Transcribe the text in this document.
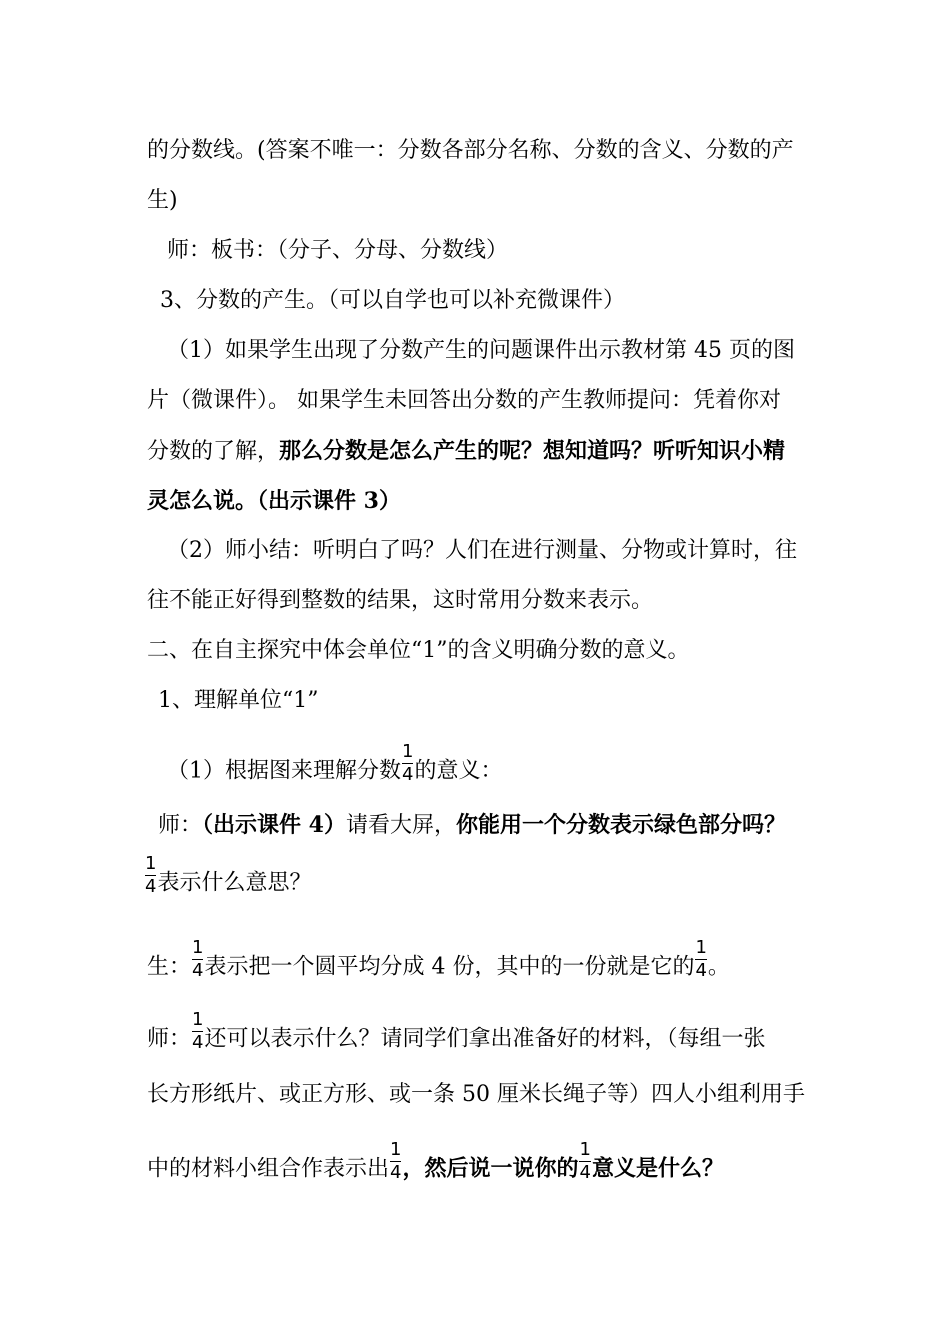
的分数线。(答案不唯一：分数各部分名称、分数的含义、分数的产
生)
师：板书：（分子、分母、分数线）
3、分数的产生。（可以自学也可以补充微课件）
（1）如果学生出现了分数产生的问题课件出示教材第 45 页的图
片（微课件）。 如果学生未回答出分数的产生教师提问：凭着你对
分数的了解，那么分数是怎么产生的呢？想知道吗？听听知识小精
灵怎么说。（出示课件 3）
（2）师小结：听明白了吗？人们在进行测量、分物或计算时，往
往不能正好得到整数的结果，这时常用分数来表示。
二、在自主探究中体会单位“1”的含义明确分数的意义。
1、理解单位“1”
（1）根据图来理解分数 $\frac{1}{4}$ 的意义：
师：（出示课件 4）请看大屏，你能用一个分数表示绿色部分吗？
$\frac{1}{4}$ 表示什么意思？
生： $\frac{1}{4}$ 表示把一个圆平均分成 4 份，其中的一份就是它的 $\frac{1}{4}$ 。
师： $\frac{1}{4}$ 还可以表示什么？请同学们拿出准备好的材料，（每组一张
长方形纸片、或正方形、或一条 50 厘米长绳子等）四人小组利用手
中的材料小组合作表示出 $\frac{1}{4}$ ，然后说一说你的 $\frac{1}{4}$ 意义是什么？
